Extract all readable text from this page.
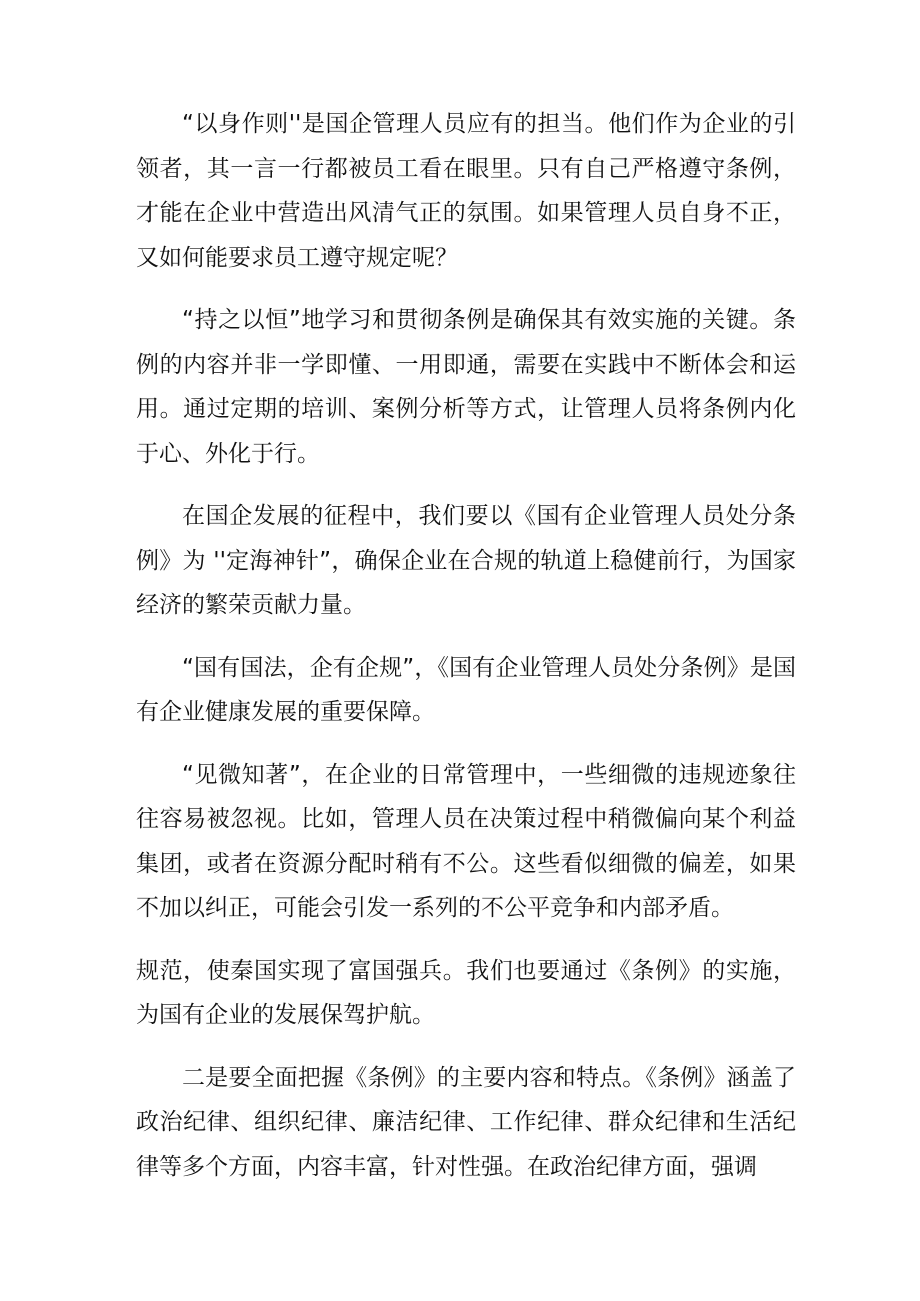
“以身作则''是国企管理人员应有的担当。他们作为企业的引领者，其一言一行都被员工看在眼里。只有自己严格遵守条例，才能在企业中营造出风清气正的氛围。如果管理人员自身不正，又如何能要求员工遵守规定呢？

“持之以恒”地学习和贯彻条例是确保其有效实施的关键。条例的内容并非一学即懂、一用即通，需要在实践中不断体会和运用。通过定期的培训、案例分析等方式，让管理人员将条例内化于心、外化于行。

在国企发展的征程中，我们要以《国有企业管理人员处分条例》为 ''定海神针”，确保企业在合规的轨道上稳健前行，为国家经济的繁荣贡献力量。

“国有国法，企有企规”，《国有企业管理人员处分条例》是国有企业健康发展的重要保障。

“见微知著”，在企业的日常管理中，一些细微的违规迹象往往容易被忽视。比如，管理人员在决策过程中稍微偏向某个利益集团，或者在资源分配时稍有不公。这些看似细微的偏差，如果不加以纠正，可能会引发一系列的不公平竞争和内部矛盾。

规范，使秦国实现了富国强兵。我们也要通过《条例》的实施，为国有企业的发展保驾护航。

二是要全面把握《条例》的主要内容和特点。《条例》涵盖了政治纪律、组织纪律、廉洁纪律、工作纪律、群众纪律和生活纪律等多个方面，内容丰富，针对性强。在政治纪律方面，强调
